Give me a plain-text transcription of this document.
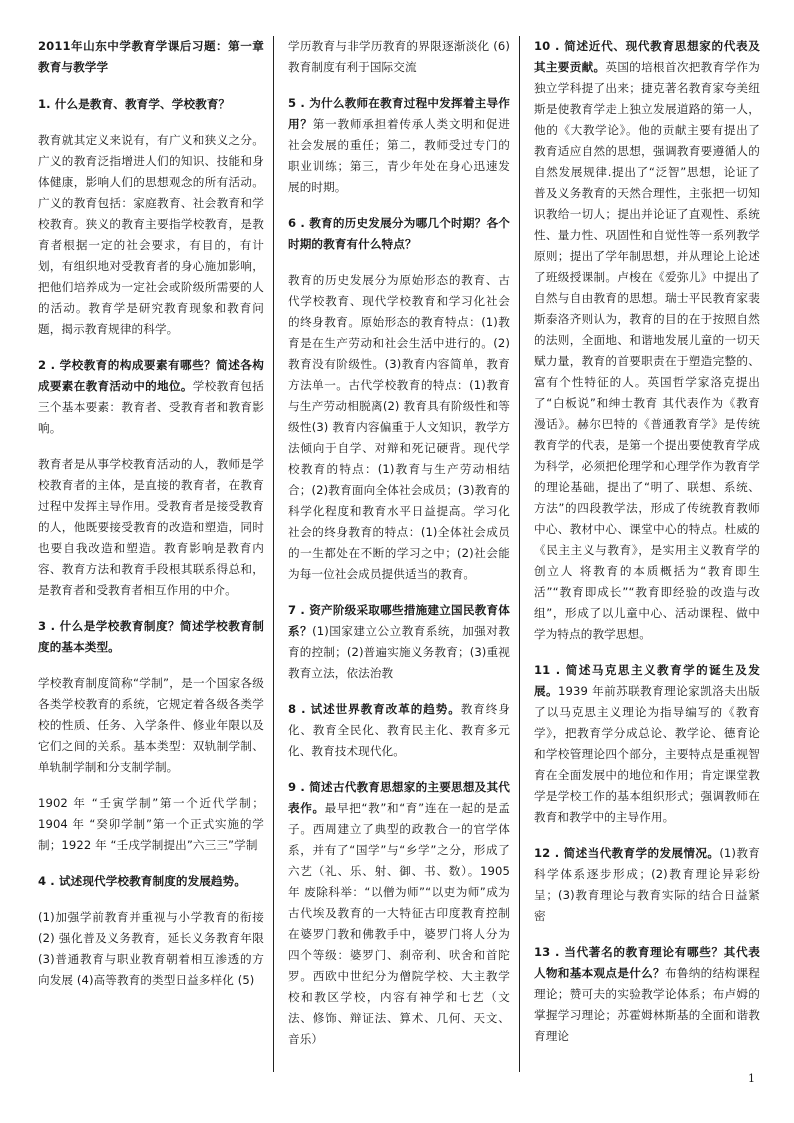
2011年山东中学教育学课后习题：第一章教育与教学学

1. 什么是教育、教育学、学校教育？

教育就其定义来说有，有广义和狭义之分。广义的教育泛指增进人们的知识、技能和身体健康，影响人们的思想观念的所有活动。广义的教育包括：家庭教育、社会教育和学校教育。狭义的教育主要指学校教育，是教育者根据一定的社会要求，有目的，有计划，有组织地对受教育者的身心施加影响，把他们培养成为一定社会或阶级所需要的人的活动。教育学是研究教育现象和教育问题，揭示教育规律的科学。

2 . 学校教育的构成要素有哪些？简述各构成要素在教育活动中的地位。学校教育包括三个基本要素：教育者、受教育者和教育影响。

教育者是从事学校教育活动的人，教师是学校教育者的主体，是直接的教育者，在教育过程中发挥主导作用。受教育者是接受教育的人，他既要接受教育的改造和塑造，同时也要自我改造和塑造。教育影响是教育内容、教育方法和教育手段根其联系得总和，是教育者和受教育者相互作用的中介。

3 . 什么是学校教育制度？简述学校教育制度的基本类型。

学校教育制度简称“学制”，是一个国家各级各类学校教育的系统，它规定着各级各类学校的性质、任务、入学条件、修业年限以及它们之间的关系。基本类型：双轨制学制、单轨制学制和分支制学制。

1902 年 “壬寅学制”第一个近代学制；1904 年 “癸卯学制”第一个正式实施的学制；1922 年 “壬戌学制提出”六三三”学制

4 . 试述现代学校教育制度的发展趋势。

(1)加强学前教育并重视与小学教育的衔接 (2) 强化普及义务教育，延长义务教育年限 (3)普通教育与职业教育朝着相互渗透的方向发展 (4)高等教育的类型日益多样化 (5)

学历教育与非学历教育的界限逐渐淡化 (6) 教育制度有利于国际交流

5 . 为什么教师在教育过程中发挥着主导作用？第一教师承担着传承人类文明和促进社会发展的重任；第二，教师受过专门的职业训练；第三，青少年处在身心迅速发展的时期。

6 . 教育的历史发展分为哪几个时期？各个时期的教育有什么特点？

教育的历史发展分为原始形态的教育、古代学校教育、现代学校教育和学习化社会的终身教育。原始形态的教育特点：(1)教育是在生产劳动和社会生活中进行的。(2)教育没有阶级性。(3)教育内容简单，教育方法单一。古代学校教育的特点：(1)教育与生产劳动相脱离(2) 教育具有阶级性和等级性(3) 教育内容偏重于人文知识，教学方法倾向于自学、对辩和死记硬背。现代学校教育的特点：(1)教育与生产劳动相结合；(2)教育面向全体社会成员；(3)教育的科学化程度和教育水平日益提高。学习化社会的终身教育的特点：(1)全体社会成员的一生都处在不断的学习之中；(2)社会能为每一位社会成员提供适当的教育。

7 . 资产阶级采取哪些措施建立国民教育体系？(1)国家建立公立教育系统，加强对教育的控制；(2)普遍实施义务教育；(3)重视教育立法，依法治教

8 . 试述世界教育改革的趋势。教育终身化、教育全民化、教育民主化、教育多元化、教育技术现代化。

9 . 简述古代教育思想家的主要思想及其代表作。最早把“教”和“育”连在一起的是孟子。西周建立了典型的政教合一的官学体系，并有了“国学”与“乡学”之分，形成了六艺（礼、乐、射、御、书、数）。1905 年 废除科举：“以僧为师”“以吏为师”成为古代埃及教育的一大特征古印度教育控制在婆罗门教和佛教手中，婆罗门将人分为四个等级：婆罗门、刹帝利、吠舍和首陀罗。西欧中世纪分为僧院学校、大主教学校和教区学校，内容有神学和七艺（文法、修饰、辩证法、算术、几何、天文、音乐）

10 . 简述近代、现代教育思想家的代表及其主要贡献。英国的培根首次把教育学作为独立学科提了出来；捷克著名教育家夸美纽斯是使教育学走上独立发展道路的第一人，他的《大教学论》。他的贡献主要有提出了教育适应自然的思想，强调教育要遵循人的自然发展规律.提出了“泛智”思想，论证了普及义务教育的天然合理性，主张把一切知识教给一切人；提出并论证了直观性、系统性、量力性、巩固性和自觉性等一系列教学原则；提出了学年制思想，并从理论上论述了班级授课制。卢梭在《爱弥儿》中提出了自然与自由教育的思想。瑞士平民教育家裴斯泰洛齐则认为，教育的目的在于按照自然的法则，全面地、和谐地发展儿童的一切天赋力量，教育的首要职责在于塑造完整的、富有个性特征的人。英国哲学家洛克提出了“白板说”和绅士教育 其代表作为《教育漫话》。赫尔巴特的《普通教育学》是传统教育学的代表，是第一个提出要使教育学成为科学，必须把伦理学和心理学作为教育学的理论基础，提出了“明了、联想、系统、方法”的四段教学法，形成了传统教育教师中心、教材中心、课堂中心的特点。杜威的《民主主义与教育》，是实用主义教育学的创立人 将教育的本质概括为“教育即生活”“教育即成长”“教育即经验的改造与改组”，形成了以儿童中心、活动课程、做中学为特点的教学思想。

11 . 简述马克思主义教育学的诞生及发展。1939 年前苏联教育理论家凯洛夫出版了以马克思主义理论为指导编写的《教育学》，把教育学分成总论、教学论、德育论和学校管理论四个部分，主要特点是重视智育在全面发展中的地位和作用；肯定课堂教学是学校工作的基本组织形式；强调教师在教育和教学中的主导作用。

12 . 简述当代教育学的发展情况。(1)教育科学体系逐步形成；(2)教育理论异彩纷呈；(3)教育理论与教育实际的结合日益紧密

13 . 当代著名的教育理论有哪些？其代表人物和基本观点是什么？布鲁纳的结构课程理论；赞可夫的实验教学论体系；布卢姆的掌握学习理论；苏霍姆林斯基的全面和谐教育理论

1
